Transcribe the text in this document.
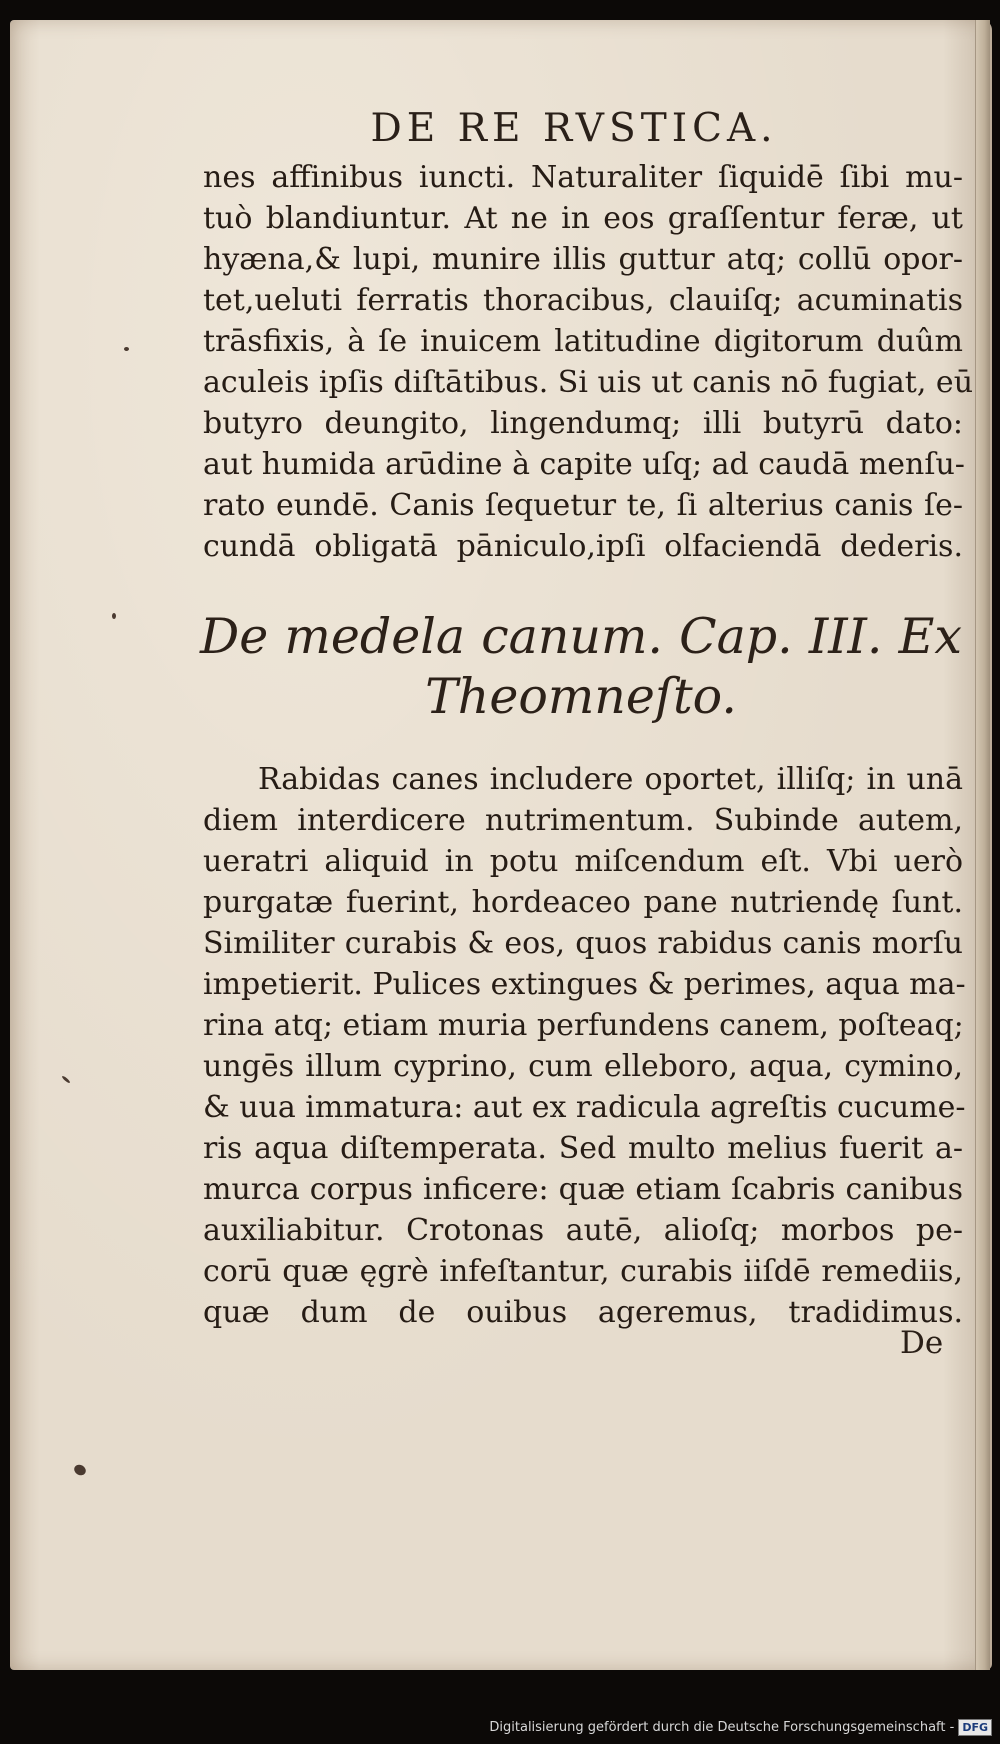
DE RE RVSTICA.
nes affinibus iuncti. Naturaliter ſiquidē ſibi mu-
tuò blandiuntur. At ne in eos graſſentur feræ, ut
hyæna,& lupi, munire illis guttur atq; collū opor-
tet,ueluti ferratis thoracibus, clauiſq; acuminatis
trāsfixis, à ſe inuicem latitudine digitorum duûm
aculeis ipſis diſtātibus. Si uis ut canis nō fugiat, eū
butyro deungito, lingendumq; illi butyrū dato:
aut humida arūdine à capite uſq; ad caudā menſu-
rato eundē. Canis ſequetur te, ſi alterius canis ſe-
cundā obligatā pāniculo,ipſi olfaciendā dederis.
De medela canum. Cap. III. Ex
Theomneſto.
Rabidas canes includere oportet, illiſq; in unā
diem interdicere nutrimentum. Subinde autem,
ueratri aliquid in potu miſcendum eſt. Vbi uerò
purgatæ fuerint, hordeaceo pane nutriendę ſunt.
Similiter curabis & eos, quos rabidus canis morſu
impetierit. Pulices extingues & perimes, aqua ma-
rina atq; etiam muria perfundens canem, poſteaq;
ungēs illum cyprino, cum elleboro, aqua, cymino,
& uua immatura: aut ex radicula agreſtis cucume-
ris aqua diſtemperata. Sed multo melius fuerit a-
murca corpus inficere: quæ etiam ſcabris canibus
auxiliabitur. Crotonas autē, alioſq; morbos pe-
corū quæ ęgrè infeſtantur, curabis iiſdē remediis,
quæ dum de ouibus ageremus, tradidimus.
De
Digitalisierung gefördert durch die Deutsche Forschungsgemeinschaft - DFG
